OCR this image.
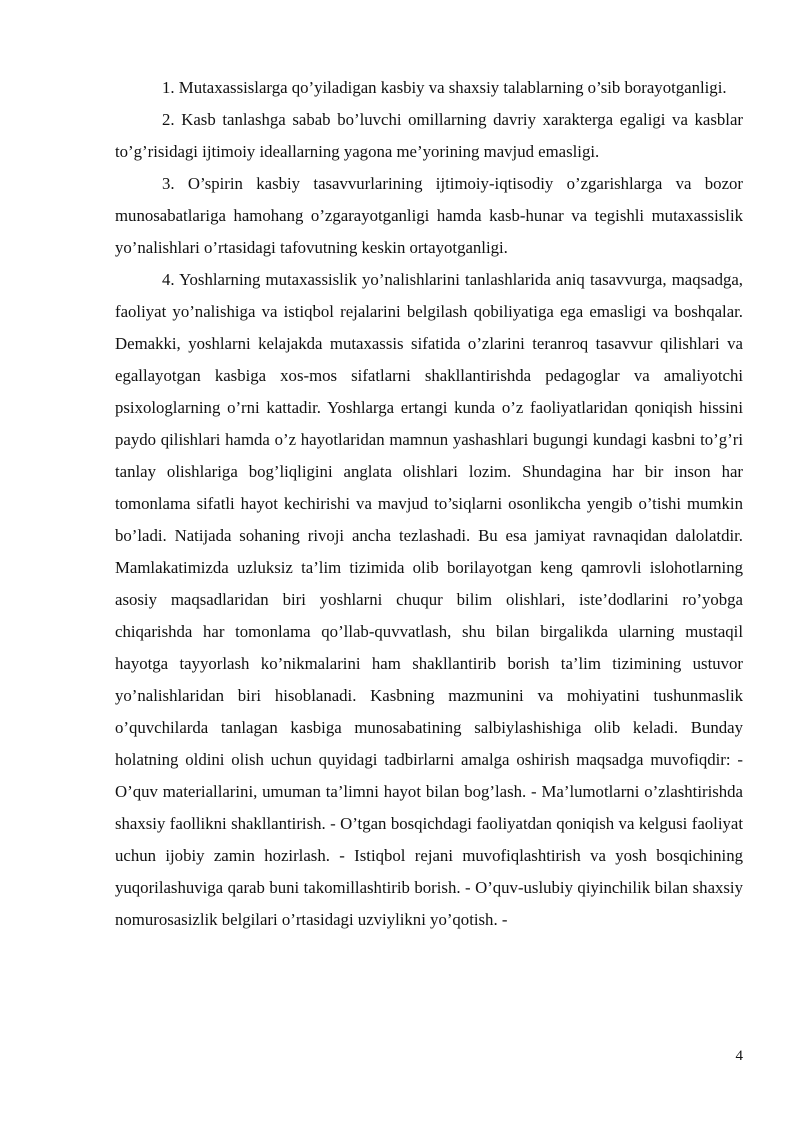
1. Mutaxassislarga qo’yiladigan kasbiy va shaxsiy talablarning o’sib borayotganligi.

2. Kasb tanlashga sabab bo’luvchi omillarning davriy xarakterga egaligi va kasblar to’g’risidagi ijtimoiy ideallarning yagona me’yorining mavjud emasligi.

3. O’spirin kasbiy tasavvurlarining ijtimoiy-iqtisodiy o’zgarishlarga va bozor munosabatlariga hamohang o’zgarayotganligi hamda kasb-hunar va tegishli mutaxassislik yo’nalishlari o’rtasidagi tafovutning keskin ortayotganligi.

4. Yoshlarning mutaxassislik yo’nalishlarini tanlashlarida aniq tasavvurga, maqsadga, faoliyat yo’nalishiga va istiqbol rejalarini belgilash qobiliyatiga ega emasligi va boshqalar. Demakki, yoshlarni kelajakda mutaxassis sifatida o’zlarini teranroq tasavvur qilishlari va egallayotgan kasbiga xos-mos sifatlarni shakllantirishda pedagoglar va amaliyotchi psixologlarning o’rni kattadir. Yoshlarga ertangi kunda o’z faoliyatlaridan qoniqish hissini paydo qilishlari hamda o’z hayotlaridan mamnun yashashlari bugungi kundagi kasbni to’g’ri tanlay olishlariga bog’liqligini anglata olishlari lozim. Shundagina har bir inson har tomonlama sifatli hayot kechirishi va mavjud to’siqlarni osonlikcha yengib o’tishi mumkin bo’ladi. Natijada sohaning rivoji ancha tezlashadi. Bu esa jamiyat ravnaqidan dalolatdir. Mamlakatimizda uzluksiz ta’lim tizimida olib borilayotgan keng qamrovli islohotlarning asosiy maqsadlaridan biri yoshlarni chuqur bilim olishlari, iste’dodlarini ro’yobga chiqarishda har tomonlama qo’llab-quvvatlash, shu bilan birgalikda ularning mustaqil hayotga tayyorlash ko’nikmalarini ham shakllantirib borish ta’lim tizimining ustuvor yo’nalishlaridan biri hisoblanadi. Kasbning mazmunini va mohiyatini tushunmaslik o’quvchilarda tanlagan kasbiga munosabatining salbiylashishiga olib keladi. Bunday holatning oldini olish uchun quyidagi tadbirlarni amalga oshirish maqsadga muvofiqdir: - O’quv materiallarini, umuman ta’limni hayot bilan bog’lash. - Ma’lumotlarni o’zlashtirishda shaxsiy faollikni shakllantirish. - O’tgan bosqichdagi faoliyatdan qoniqish va kelgusi faoliyat uchun ijobiy zamin hozirlash. - Istiqbol rejani muvofiqlashtirish va yosh bosqichining yuqorilashuviga qarab buni takomillashtirib borish. - O’quv-uslubiy qiyinchilik bilan shaxsiy nomurosasizlik belgilari o’rtasidagi uzviylikni yo’qotish. -

4
